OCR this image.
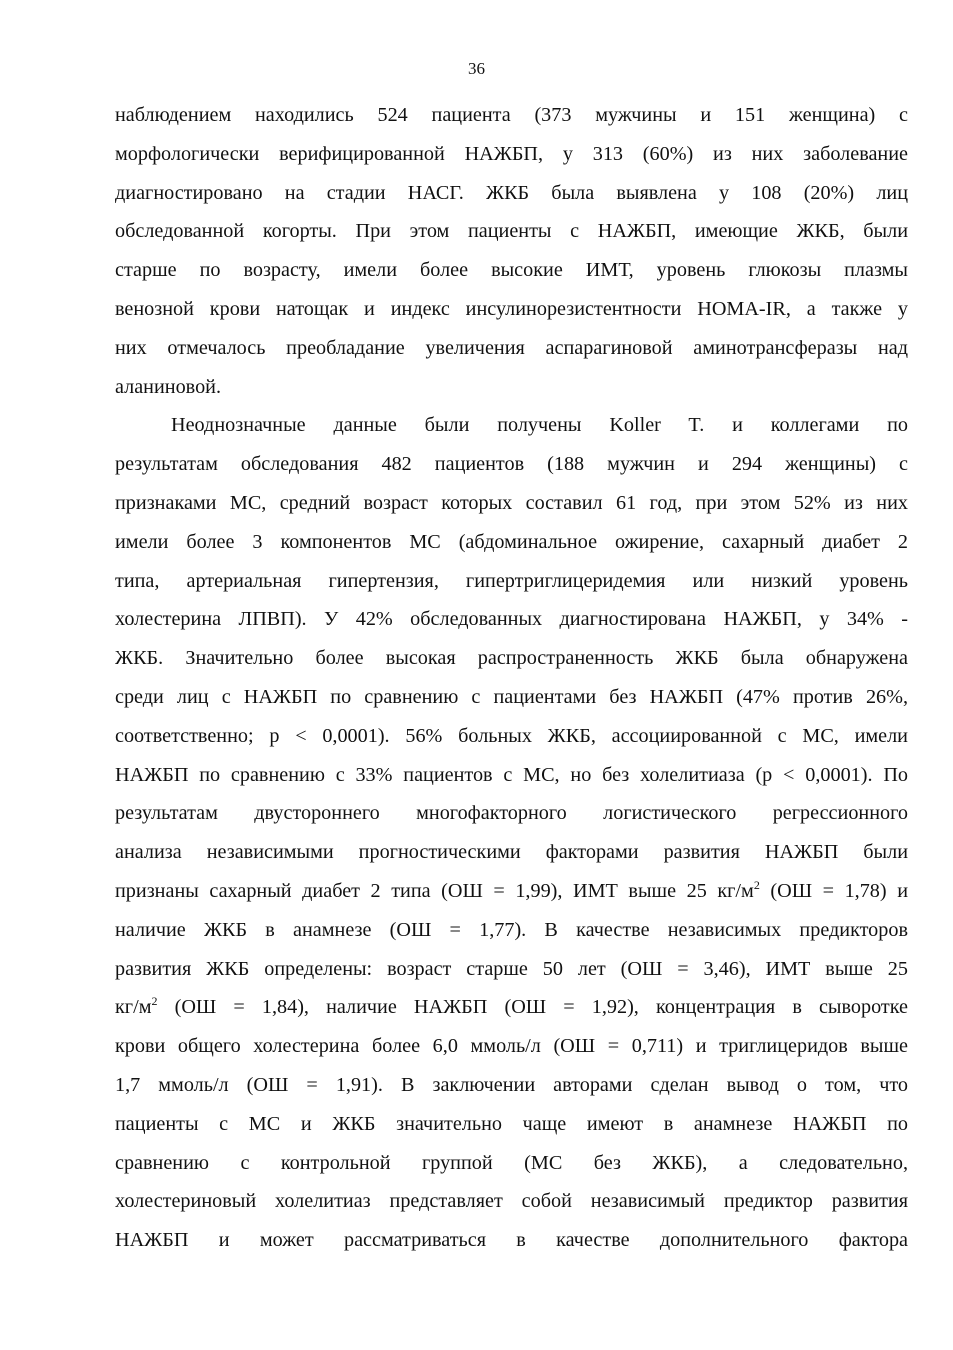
36
наблюдением находились 524 пациента (373 мужчины и 151 женщина) с
морфологически верифицированной НАЖБП, у 313 (60%) из них заболевание
диагностировано на стадии НАСГ. ЖКБ была выявлена у 108 (20%) лиц
обследованной когорты. При этом пациенты с НАЖБП, имеющие ЖКБ, были
старше по возрасту, имели более высокие ИМТ, уровень глюкозы плазмы
венозной крови натощак и индекс инсулинорезистентности HOMA-IR, а также у
них отмечалось преобладание увеличения аспарагиновой аминотрансферазы над
аланиновой.
Неоднозначные данные были получены Koller T. и коллегами по
результатам обследования 482 пациентов (188 мужчин и 294 женщины) с
признаками МС, средний возраст которых составил 61 год, при этом 52% из них
имели более 3 компонентов МС (абдоминальное ожирение, сахарный диабет 2
типа, артериальная гипертензия, гипертриглицеридемия или низкий уровень
холестерина ЛПВП). У 42% обследованных диагностирована НАЖБП, у 34% -
ЖКБ. Значительно более высокая распространенность ЖКБ была обнаружена
среди лиц с НАЖБП по сравнению с пациентами без НАЖБП (47% против 26%,
соответственно; p < 0,0001). 56% больных ЖКБ, ассоциированной с МС, имели
НАЖБП по сравнению с 33% пациентов с МС, но без холелитиаза (p < 0,0001). По
результатам двустороннего многофакторного логистического регрессионного
анализа независимыми прогностическими факторами развития НАЖБП были
признаны сахарный диабет 2 типа (ОШ = 1,99), ИМТ выше 25 $кг/м^2$ (ОШ = 1,78) и
наличие ЖКБ в анамнезе (ОШ = 1,77). В качестве независимых предикторов
развития ЖКБ определены: возраст старше 50 лет (ОШ = 3,46), ИМТ выше 25
$кг/м^2$ (ОШ = 1,84), наличие НАЖБП (ОШ = 1,92), концентрация в сыворотке
крови общего холестерина более 6,0 ммоль/л (ОШ = 0,711) и триглицеридов выше
1,7 ммоль/л (ОШ = 1,91). В заключении авторами сделан вывод о том, что
пациенты с МС и ЖКБ значительно чаще имеют в анамнезе НАЖБП по
сравнению с контрольной группой (МС без ЖКБ), а следовательно,
холестериновый холелитиаз представляет собой независимый предиктор развития
НАЖБП и может рассматриваться в качестве дополнительного фактора
